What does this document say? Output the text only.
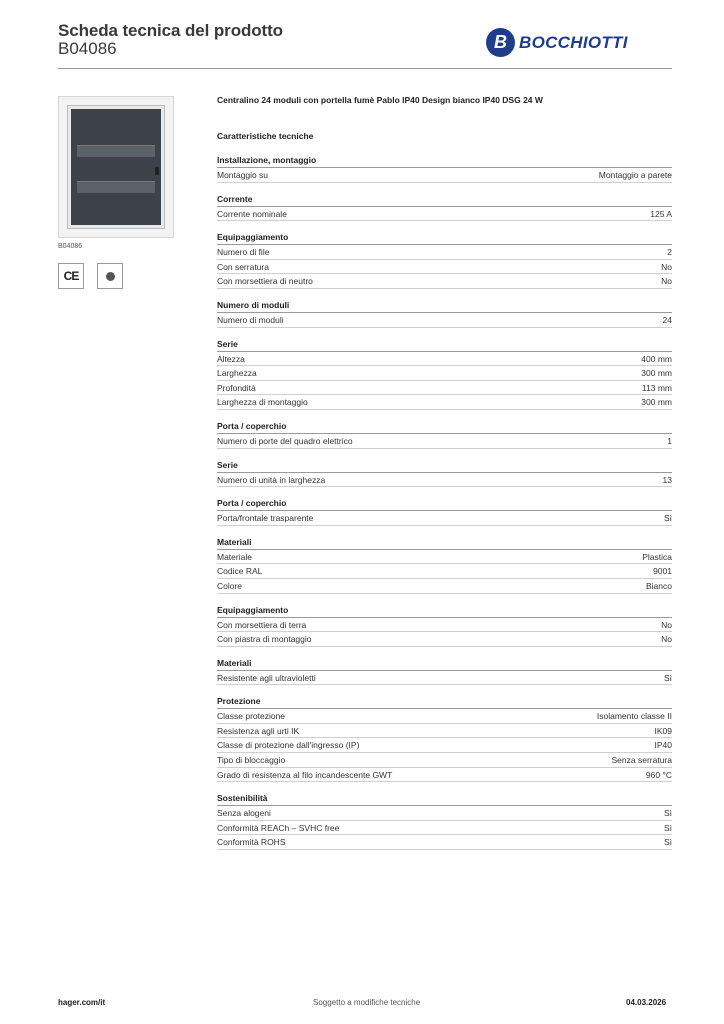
Scheda tecnica del prodotto
B04086	B BOCCHIOTTI
B04086
CE
Centralino 24 moduli con portella fumè Pablo IP40 Design bianco IP40 DSG 24 W
Caratteristiche tecniche
Installazione, montaggio
Montaggio su	Montaggio a parete
Corrente
Corrente nominale	125 A
Equipaggiamento
Numero di file	2
Con serratura	No
Con morsettiera di neutro	No
Numero di moduli
Numero di moduli	24
Serie
Altezza	400 mm
Larghezza	300 mm
Profondità	113 mm
Larghezza di montaggio	300 mm
Porta / coperchio
Numero di porte del quadro elettrico	1
Serie
Numero di unità in larghezza	13
Porta / coperchio
Porta/frontale trasparente	Sì
Materiali
Materiale	Plastica
Codice RAL	9001
Colore	Bianco
Equipaggiamento
Con morsettiera di terra	No
Con piastra di montaggio	No
Materiali
Resistente agli ultravioletti	Sì
Protezione
Classe protezione	Isolamento classe II
Resistenza agli urti IK	IK09
Classe di protezione dall'ingresso (IP)	IP40
Tipo di bloccaggio	Senza serratura
Grado di resistenza al filo incandescente GWT	960 °C
Sostenibilità
Senza alogeni	Sì
Conformità REACh – SVHC free	Sì
Conformità ROHS	Sì
hager.com/it	Soggetto a modifiche tecniche	04.03.2026
